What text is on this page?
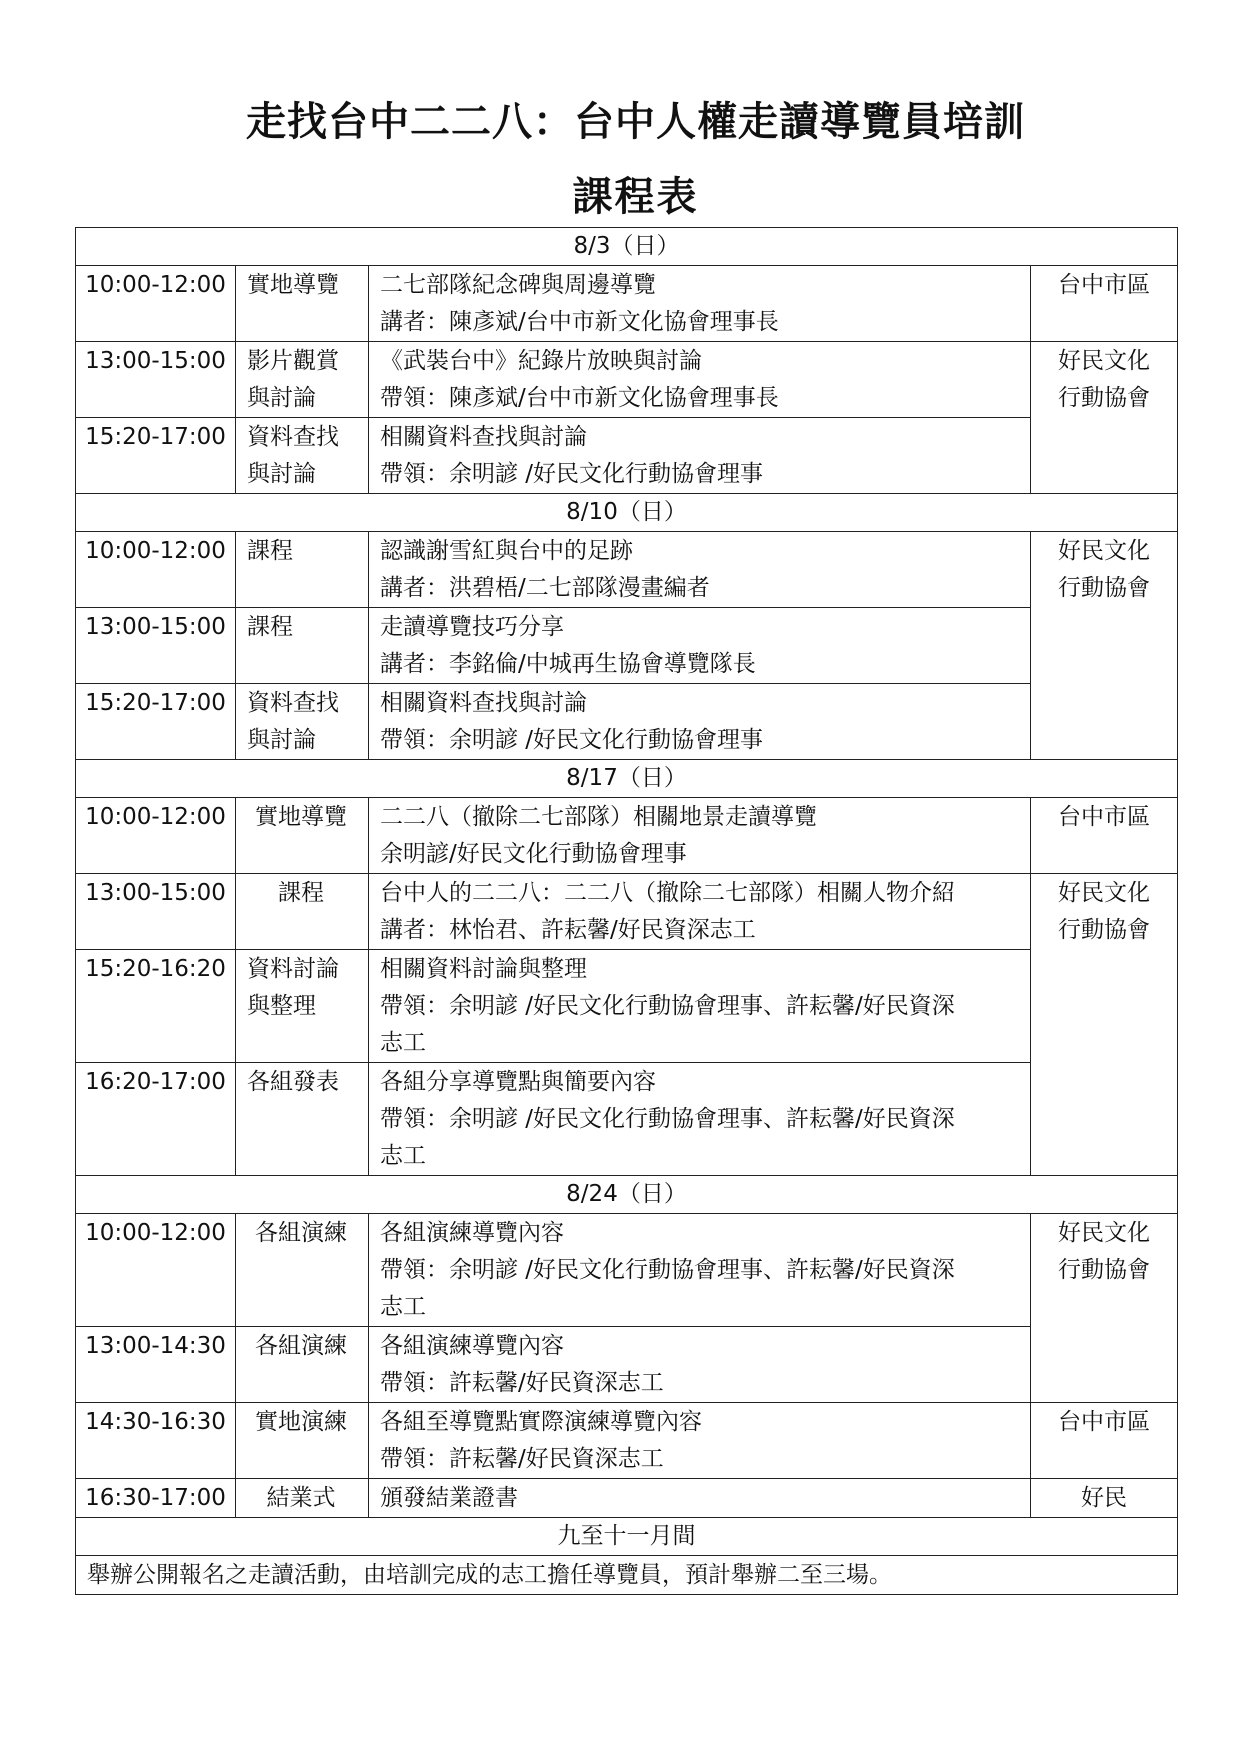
走找台中二二八：台中人權走讀導覽員培訓
課程表
8/3（日）			
10:00-12:00	實地導覽	二七部隊紀念碑與周邊導覽
講者：陳彥斌/台中市新文化協會理事長	台中市區

13:00-15:00	影片觀賞
與討論	《武裝台中》紀錄片放映與討論
帶領：陳彥斌/台中市新文化協會理事長	好民文化
行動協會

15:20-17:00	資料查找
與討論	相關資料查找與討論
帶領：余明諺 /好民文化行動協會理事	

8/10（日）			
10:00-12:00	課程	認識謝雪紅與台中的足跡
講者：洪碧梧/二七部隊漫畫編者	好民文化
行動協會

13:00-15:00	課程	走讀導覽技巧分享
講者：李銘倫/中城再生協會導覽隊長	

15:20-17:00	資料查找
與討論	相關資料查找與討論
帶領：余明諺 /好民文化行動協會理事	

8/17（日）			
10:00-12:00	實地導覽	二二八（撤除二七部隊）相關地景走讀導覽
余明諺/好民文化行動協會理事	台中市區

13:00-15:00	課程	台中人的二二八：二二八（撤除二七部隊）相關人物介紹
講者：林怡君、許耘馨/好民資深志工	好民文化
行動協會

15:20-16:20	資料討論
與整理	相關資料討論與整理
帶領：余明諺 /好民文化行動協會理事、許耘馨/好民資深
志工	

16:20-17:00	各組發表	各組分享導覽點與簡要內容
帶領：余明諺 /好民文化行動協會理事、許耘馨/好民資深
志工	

8/24（日）			
10:00-12:00	各組演練	各組演練導覽內容
帶領：余明諺 /好民文化行動協會理事、許耘馨/好民資深
志工	好民文化
行動協會

13:00-14:30	各組演練	各組演練導覽內容
帶領：許耘馨/好民資深志工	

14:30-16:30	實地演練	各組至導覽點實際演練導覽內容
帶領：許耘馨/好民資深志工	台中市區

16:30-17:00	結業式	頒發結業證書	好民

九至十一月間			
舉辦公開報名之走讀活動，由培訓完成的志工擔任導覽員，預計舉辦二至三場。			
